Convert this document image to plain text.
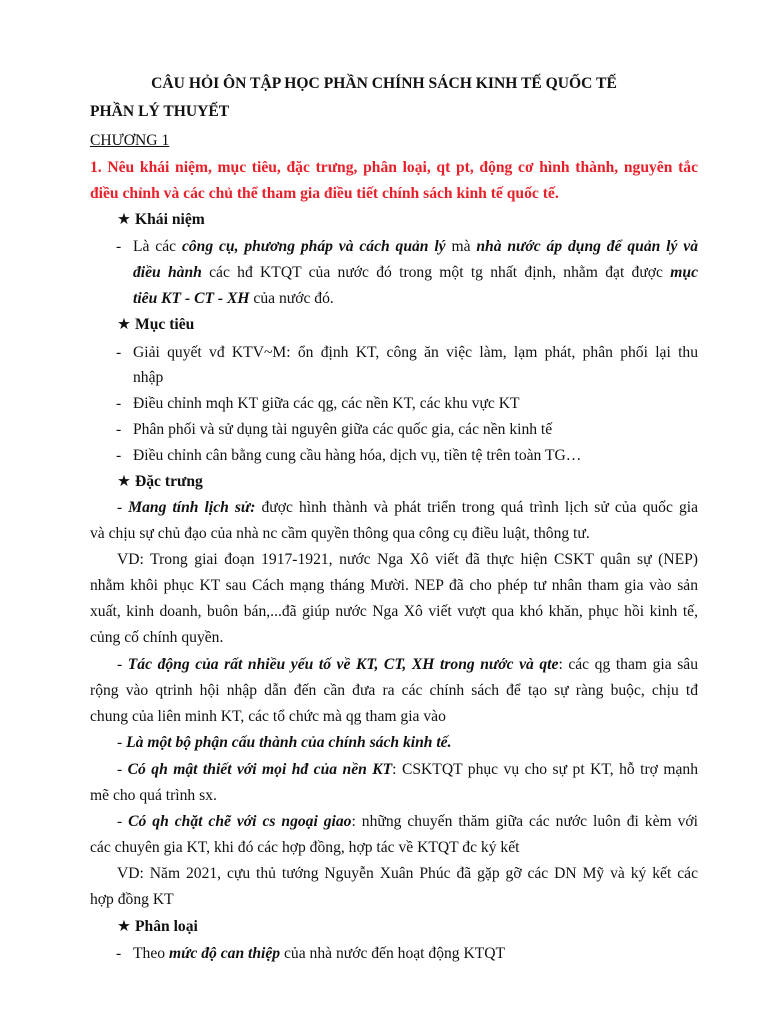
CÂU HỎI ÔN TẬP HỌC PHẦN CHÍNH SÁCH KINH TẾ QUỐC TẾ
PHẦN LÝ THUYẾT
CHƯƠNG 1
1. Nêu khái niệm, mục tiêu, đặc trưng, phân loại, qt pt, động cơ hình thành, nguyên tắc
điều chỉnh và các chủ thể tham gia điều tiết chính sách kinh tế quốc tế.
★ Khái niệm
- Là các công cụ, phương pháp và cách quản lý mà nhà nước áp dụng để quản lý và
điều hành các hđ KTQT của nước đó trong một tg nhất định, nhằm đạt được mục
tiêu KT - CT - XH của nước đó.
★ Mục tiêu
- Giải quyết vđ KTV~M: ổn định KT, công ăn việc làm, lạm phát, phân phối lại thu
nhập
- Điều chỉnh mqh KT giữa các qg, các nền KT, các khu vực KT
- Phân phối và sử dụng tài nguyên giữa các quốc gia, các nền kinh tế
- Điều chỉnh cân bằng cung cầu hàng hóa, dịch vụ, tiền tệ trên toàn TG…
★ Đặc trưng
- Mang tính lịch sử: được hình thành và phát triển trong quá trình lịch sử của quốc gia
và chịu sự chủ đạo của nhà nc cầm quyền thông qua công cụ điều luật, thông tư.
VD: Trong giai đoạn 1917-1921, nước Nga Xô viết đã thực hiện CSKT quân sự (NEP)
nhằm khôi phục KT sau Cách mạng tháng Mười. NEP đã cho phép tư nhân tham gia vào sản
xuất, kinh doanh, buôn bán,...đã giúp nước Nga Xô viết vượt qua khó khăn, phục hồi kinh tế,
củng cố chính quyền.
- Tác động của rất nhiều yếu tố về KT, CT, XH trong nước và qte: các qg tham gia sâu
rộng vào qtrinh hội nhập dẫn đến cần đưa ra các chính sách để tạo sự ràng buộc, chịu tđ
chung của liên minh KT, các tổ chức mà qg tham gia vào
- Là một bộ phận cấu thành của chính sách kinh tế.
- Có qh mật thiết với mọi hđ của nền KT: CSKTQT phục vụ cho sự pt KT, hỗ trợ mạnh
mẽ cho quá trình sx.
- Có qh chặt chẽ với cs ngoại giao: những chuyến thăm giữa các nước luôn đi kèm với
các chuyên gia KT, khi đó các hợp đồng, hợp tác về KTQT đc ký kết
VD: Năm 2021, cựu thủ tướng Nguyễn Xuân Phúc đã gặp gỡ các DN Mỹ và ký kết các
hợp đồng KT
★ Phân loại
- Theo mức độ can thiệp của nhà nước đến hoạt động KTQT
